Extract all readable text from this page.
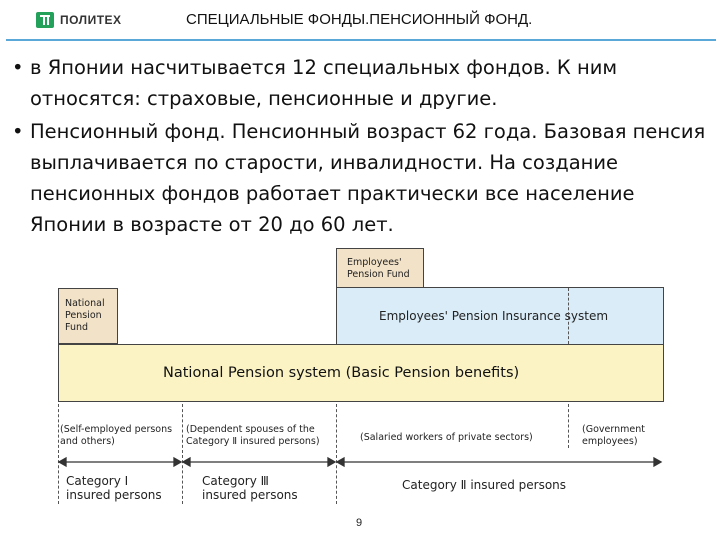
ПОЛИТЕХ	СПЕЦИАЛЬНЫЕ ФОНДЫ.ПЕНСИОННЫЙ ФОНД.
• в Японии насчитывается 12 специальных фондов. К ним относятся: страховые, пенсионные и другие.
• Пенсионный фонд. Пенсионный возраст 62 года. Базовая пенсия выплачивается по старости, инвалидности. На создание пенсионных фондов работает практически все население Японии в возрасте от 20 до 60 лет.
National
Pension
Fund
Employees'
Pension Fund
Employees' Pension Insurance system
National Pension system (Basic Pension benefits)
(Self-employed persons
and others)
(Dependent spouses of the
Category Ⅱ insured persons)	(Salaried workers of private sectors)
(Government
employees)
Category Ⅰ
insured persons
Category Ⅲ
insured persons
Category Ⅱ insured persons
9
